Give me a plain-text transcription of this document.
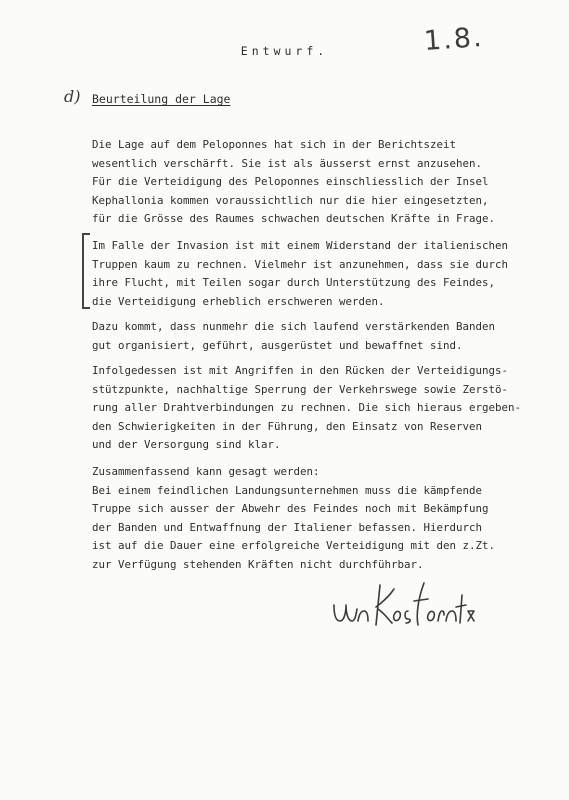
Entwurf.	1.8.
d) Beurteilung der Lage
Die Lage auf dem Peloponnes hat sich in der Berichtszeit
wesentlich verschärft. Sie ist als äusserst ernst anzusehen.
Für die Verteidigung des Peloponnes einschliesslich der Insel
Kephallonia kommen voraussichtlich nur die hier eingesetzten,
für die Grösse des Raumes schwachen deutschen Kräfte in Frage.
Im Falle der Invasion ist mit einem Widerstand der italienischen
Truppen kaum zu rechnen. Vielmehr ist anzunehmen, dass sie durch
ihre Flucht, mit Teilen sogar durch Unterstützung des Feindes,
die Verteidigung erheblich erschweren werden.
Dazu kommt, dass nunmehr die sich laufend verstärkenden Banden
gut organisiert, geführt, ausgerüstet und bewaffnet sind.
Infolgedessen ist mit Angriffen in den Rücken der Verteidigungs-
stützpunkte, nachhaltige Sperrung der Verkehrswege sowie Zerstö-
rung aller Drahtverbindungen zu rechnen. Die sich hieraus ergeben-
den Schwierigkeiten in der Führung, den Einsatz von Reserven
und der Versorgung sind klar.
Zusammenfassend kann gesagt werden:
Bei einem feindlichen Landungsunternehmen muss die kämpfende
Truppe sich ausser der Abwehr des Feindes noch mit Bekämpfung
der Banden und Entwaffnung der Italiener befassen. Hierdurch
ist auf die Dauer eine erfolgreiche Verteidigung mit den z.Zt.
zur Verfügung stehenden Kräften nicht durchführbar.
